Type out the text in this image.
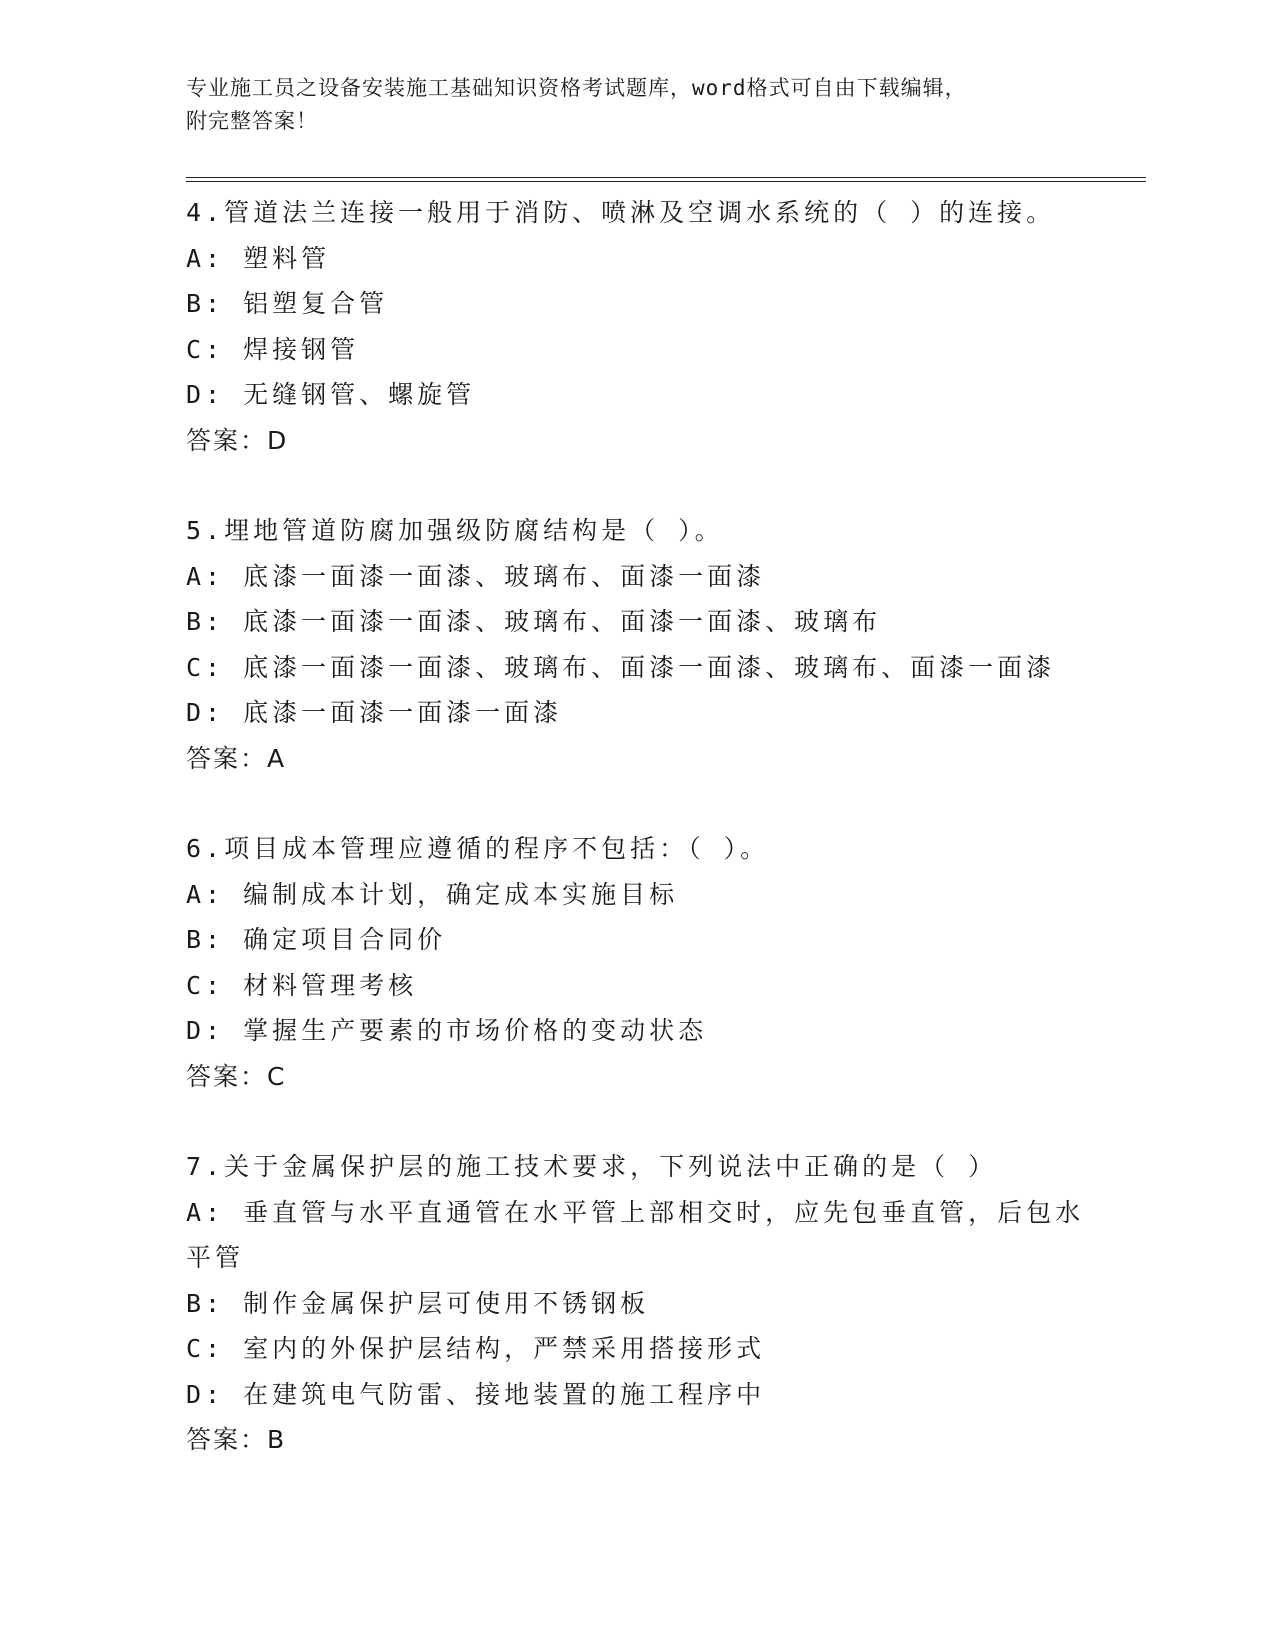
专业施工员之设备安装施工基础知识资格考试题库，word格式可自由下载编辑，
附完整答案！
4.管道法兰连接一般用于消防、喷淋及空调水系统的（ ）的连接。
A: 塑料管
B: 铝塑复合管
C: 焊接钢管
D: 无缝钢管、螺旋管
答案：D
5.埋地管道防腐加强级防腐结构是（ ）。
A: 底漆一面漆一面漆、玻璃布、面漆一面漆
B: 底漆一面漆一面漆、玻璃布、面漆一面漆、玻璃布
C: 底漆一面漆一面漆、玻璃布、面漆一面漆、玻璃布、面漆一面漆
D: 底漆一面漆一面漆一面漆
答案：A
6.项目成本管理应遵循的程序不包括：（ ）。
A: 编制成本计划，确定成本实施目标
B: 确定项目合同价
C: 材料管理考核
D: 掌握生产要素的市场价格的变动状态
答案：C
7.关于金属保护层的施工技术要求，下列说法中正确的是（ ）
A: 垂直管与水平直通管在水平管上部相交时，应先包垂直管，后包水平管
B: 制作金属保护层可使用不锈钢板
C: 室内的外保护层结构，严禁采用搭接形式
D: 在建筑电气防雷、接地装置的施工程序中
答案：B
